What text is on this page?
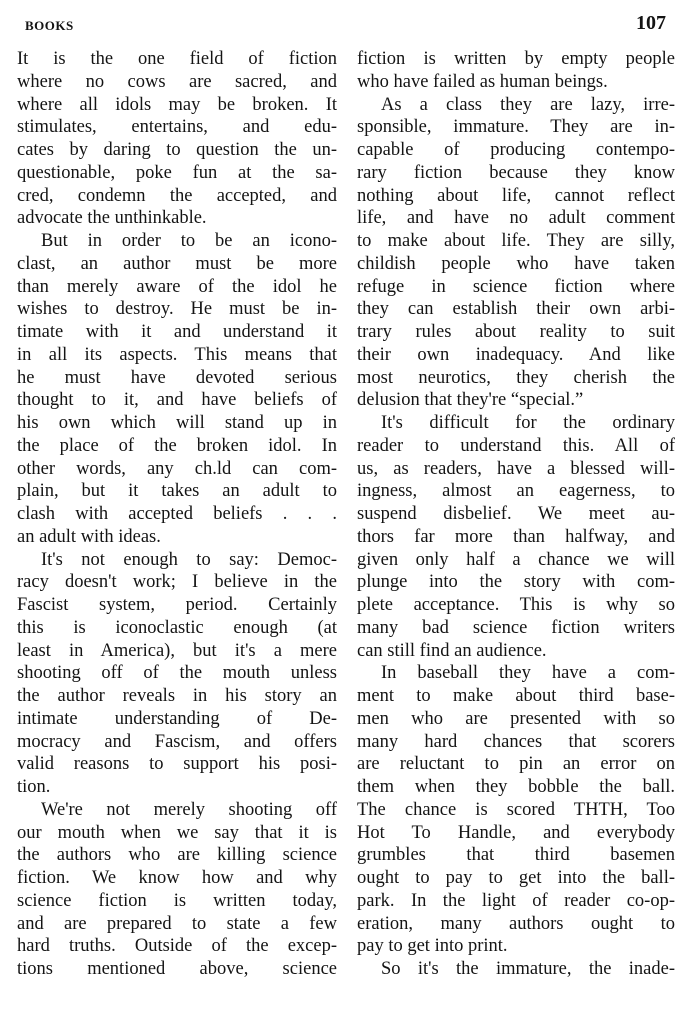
BOOKS	107
It is the one field of fiction
where no cows are sacred, and
where all idols may be broken. It
stimulates, entertains, and edu-
cates by daring to question the un-
questionable, poke fun at the sa-
cred, condemn the accepted, and
advocate the unthinkable.
But in order to be an icono-
clast, an author must be more
than merely aware of the idol he
wishes to destroy. He must be in-
timate with it and understand it
in all its aspects. This means that
he must have devoted serious
thought to it, and have beliefs of
his own which will stand up in
the place of the broken idol. In
other words, any ch.ld can com-
plain, but it takes an adult to
clash with accepted beliefs . . .
an adult with ideas.
It's not enough to say: Democ-
racy doesn't work; I believe in the
Fascist system, period. Certainly
this is iconoclastic enough (at
least in America), but it's a mere
shooting off of the mouth unless
the author reveals in his story an
intimate understanding of De-
mocracy and Fascism, and offers
valid reasons to support his posi-
tion.
We're not merely shooting off
our mouth when we say that it is
the authors who are killing science
fiction. We know how and why
science fiction is written today,
and are prepared to state a few
hard truths. Outside of the excep-
tions mentioned above, science
fiction is written by empty people
who have failed as human beings.
As a class they are lazy, irre-
sponsible, immature. They are in-
capable of producing contempo-
rary fiction because they know
nothing about life, cannot reflect
life, and have no adult comment
to make about life. They are silly,
childish people who have taken
refuge in science fiction where
they can establish their own arbi-
trary rules about reality to suit
their own inadequacy. And like
most neurotics, they cherish the
delusion that they're “special.”
It's difficult for the ordinary
reader to understand this. All of
us, as readers, have a blessed will-
ingness, almost an eagerness, to
suspend disbelief. We meet au-
thors far more than halfway, and
given only half a chance we will
plunge into the story with com-
plete acceptance. This is why so
many bad science fiction writers
can still find an audience.
In baseball they have a com-
ment to make about third base-
men who are presented with so
many hard chances that scorers
are reluctant to pin an error on
them when they bobble the ball.
The chance is scored THTH, Too
Hot To Handle, and everybody
grumbles that third basemen
ought to pay to get into the ball-
park. In the light of reader co-op-
eration, many authors ought to
pay to get into print.
So it's the immature, the inade-
